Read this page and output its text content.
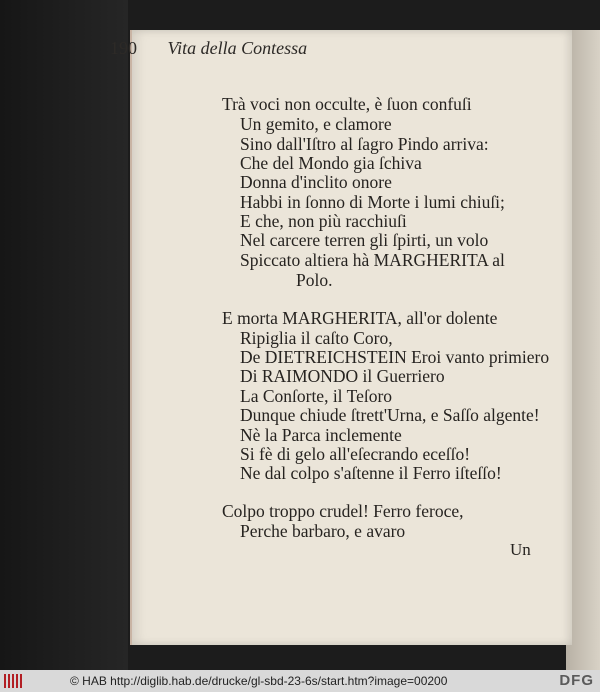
190 Vita della Contessa
Trà voci non occulte, è ſuon confuſi
Un gemito, e clamore
Sino dall'Iſtro al ſagro Pindo arriva:
Che del Mondo gia ſchiva
Donna d'inclito onore
Habbi in ſonno di Morte i lumi chiuſi;
E che, non più racchiuſi
Nel carcere terren gli ſpirti, un volo
Spiccato altiera hà MARGHERITA al
Polo.
E morta MARGHERITA, all'or dolente
Ripiglia il caſto Coro,
De DIETREICHSTEIN Eroi vanto primiero
Di RAIMONDO il Guerriero
La Conſorte, il Teſoro
Dunque chiude ſtrett'Urna, e Saſſo algente!
Nè la Parca inclemente
Si fè di gelo all'eſecrando eceſſo!
Ne dal colpo s'aſtenne il Ferro iſteſſo!
Colpo troppo crudel! Ferro feroce,
Perche barbaro, e avaro
Un
© HAB http://diglib.hab.de/drucke/gl-sbd-23-6s/start.htm?image=00200	DFG
